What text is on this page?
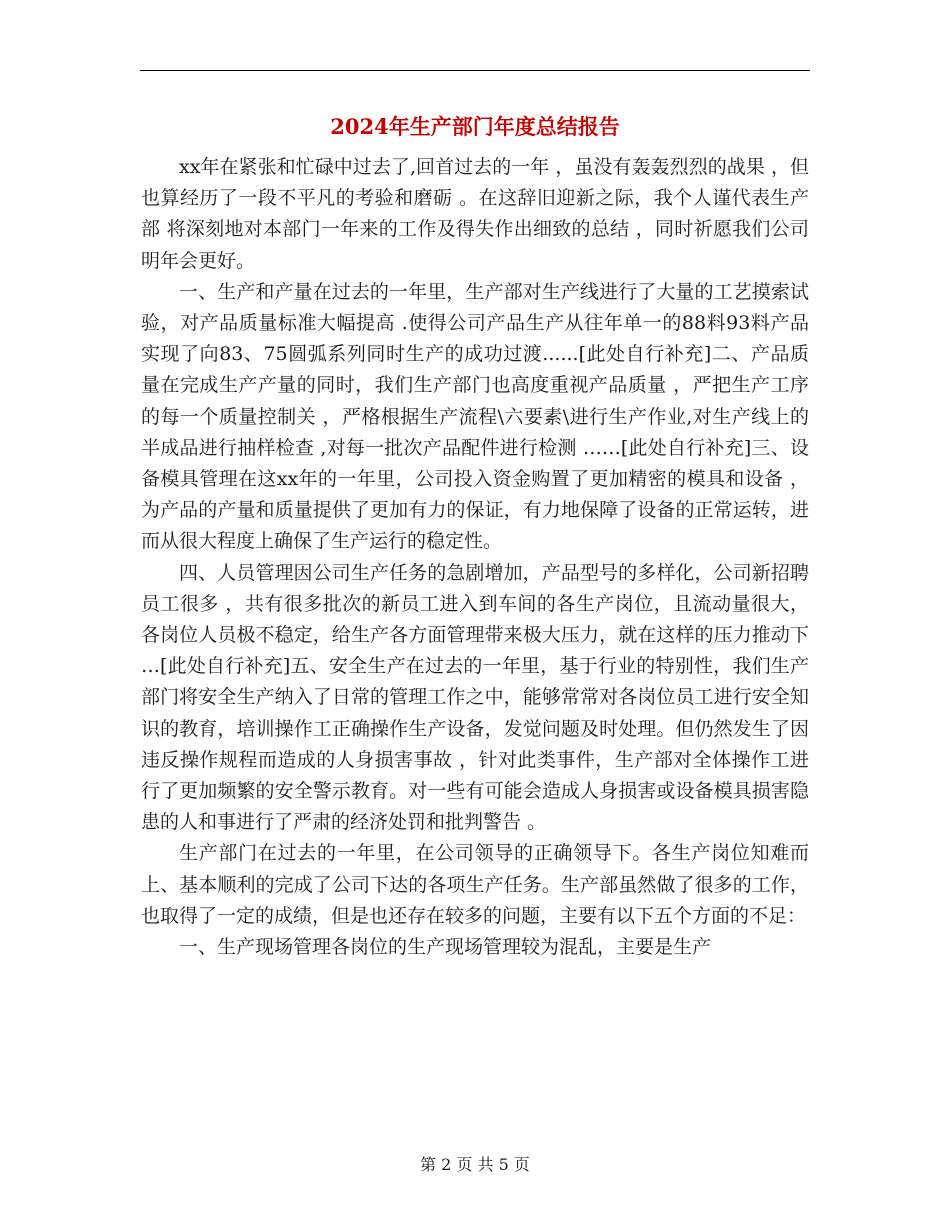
2024年生产部门年度总结报告

xx年在紧张和忙碌中过去了,回首过去的一年 ，虽没有轰轰烈烈的战果 ，但也算经历了一段不平凡的考验和磨砺 。在这辞旧迎新之际，我个人谨代表生产部 将深刻地对本部门一年来的工作及得失作出细致的总结 ，同时祈愿我们公司明年会更好。

一、生产和产量在过去的一年里，生产部对生产线进行了大量的工艺摸索试验，对产品质量标准大幅提高 .使得公司产品生产从往年单一的88料93料产品实现了向83、75圆弧系列同时生产的成功过渡......[此处自行补充]二、产品质量在完成生产产量的同时，我们生产部门也高度重视产品质量 ，严把生产工序的每一个质量控制关 ，严格根据生产流程\六要素\进行生产作业,对生产线上的半成品进行抽样检查 ,对每一批次产品配件进行检测 ……[此处自行补充]三、设备模具管理在这xx年的一年里，公司投入资金购置了更加精密的模具和设备 ，为产品的产量和质量提供了更加有力的保证，有力地保障了设备的正常运转，进而从很大程度上确保了生产运行的稳定性。

四、人员管理因公司生产任务的急剧增加，产品型号的多样化，公司新招聘员工很多 ，共有很多批次的新员工进入到车间的各生产岗位，且流动量很大，各岗位人员极不稳定，给生产各方面管理带来极大压力，就在这样的压力推动下 …[此处自行补充]五、安全生产在过去的一年里，基于行业的特别性，我们生产部门将安全生产纳入了日常的管理工作之中，能够常常对各岗位员工进行安全知识的教育，培训操作工正确操作生产设备，发觉问题及时处理。但仍然发生了因违反操作规程而造成的人身损害事故 ，针对此类事件，生产部对全体操作工进行了更加频繁的安全警示教育。对一些有可能会造成人身损害或设备模具损害隐患的人和事进行了严肃的经济处罚和批判警告 。

生产部门在过去的一年里，在公司领导的正确领导下。各生产岗位知难而上、基本顺利的完成了公司下达的各项生产任务。生产部虽然做了很多的工作，也取得了一定的成绩，但是也还存在较多的问题，主要有以下五个方面的不足：

一、生产现场管理各岗位的生产现场管理较为混乱，主要是生产

第 2 页 共 5 页
